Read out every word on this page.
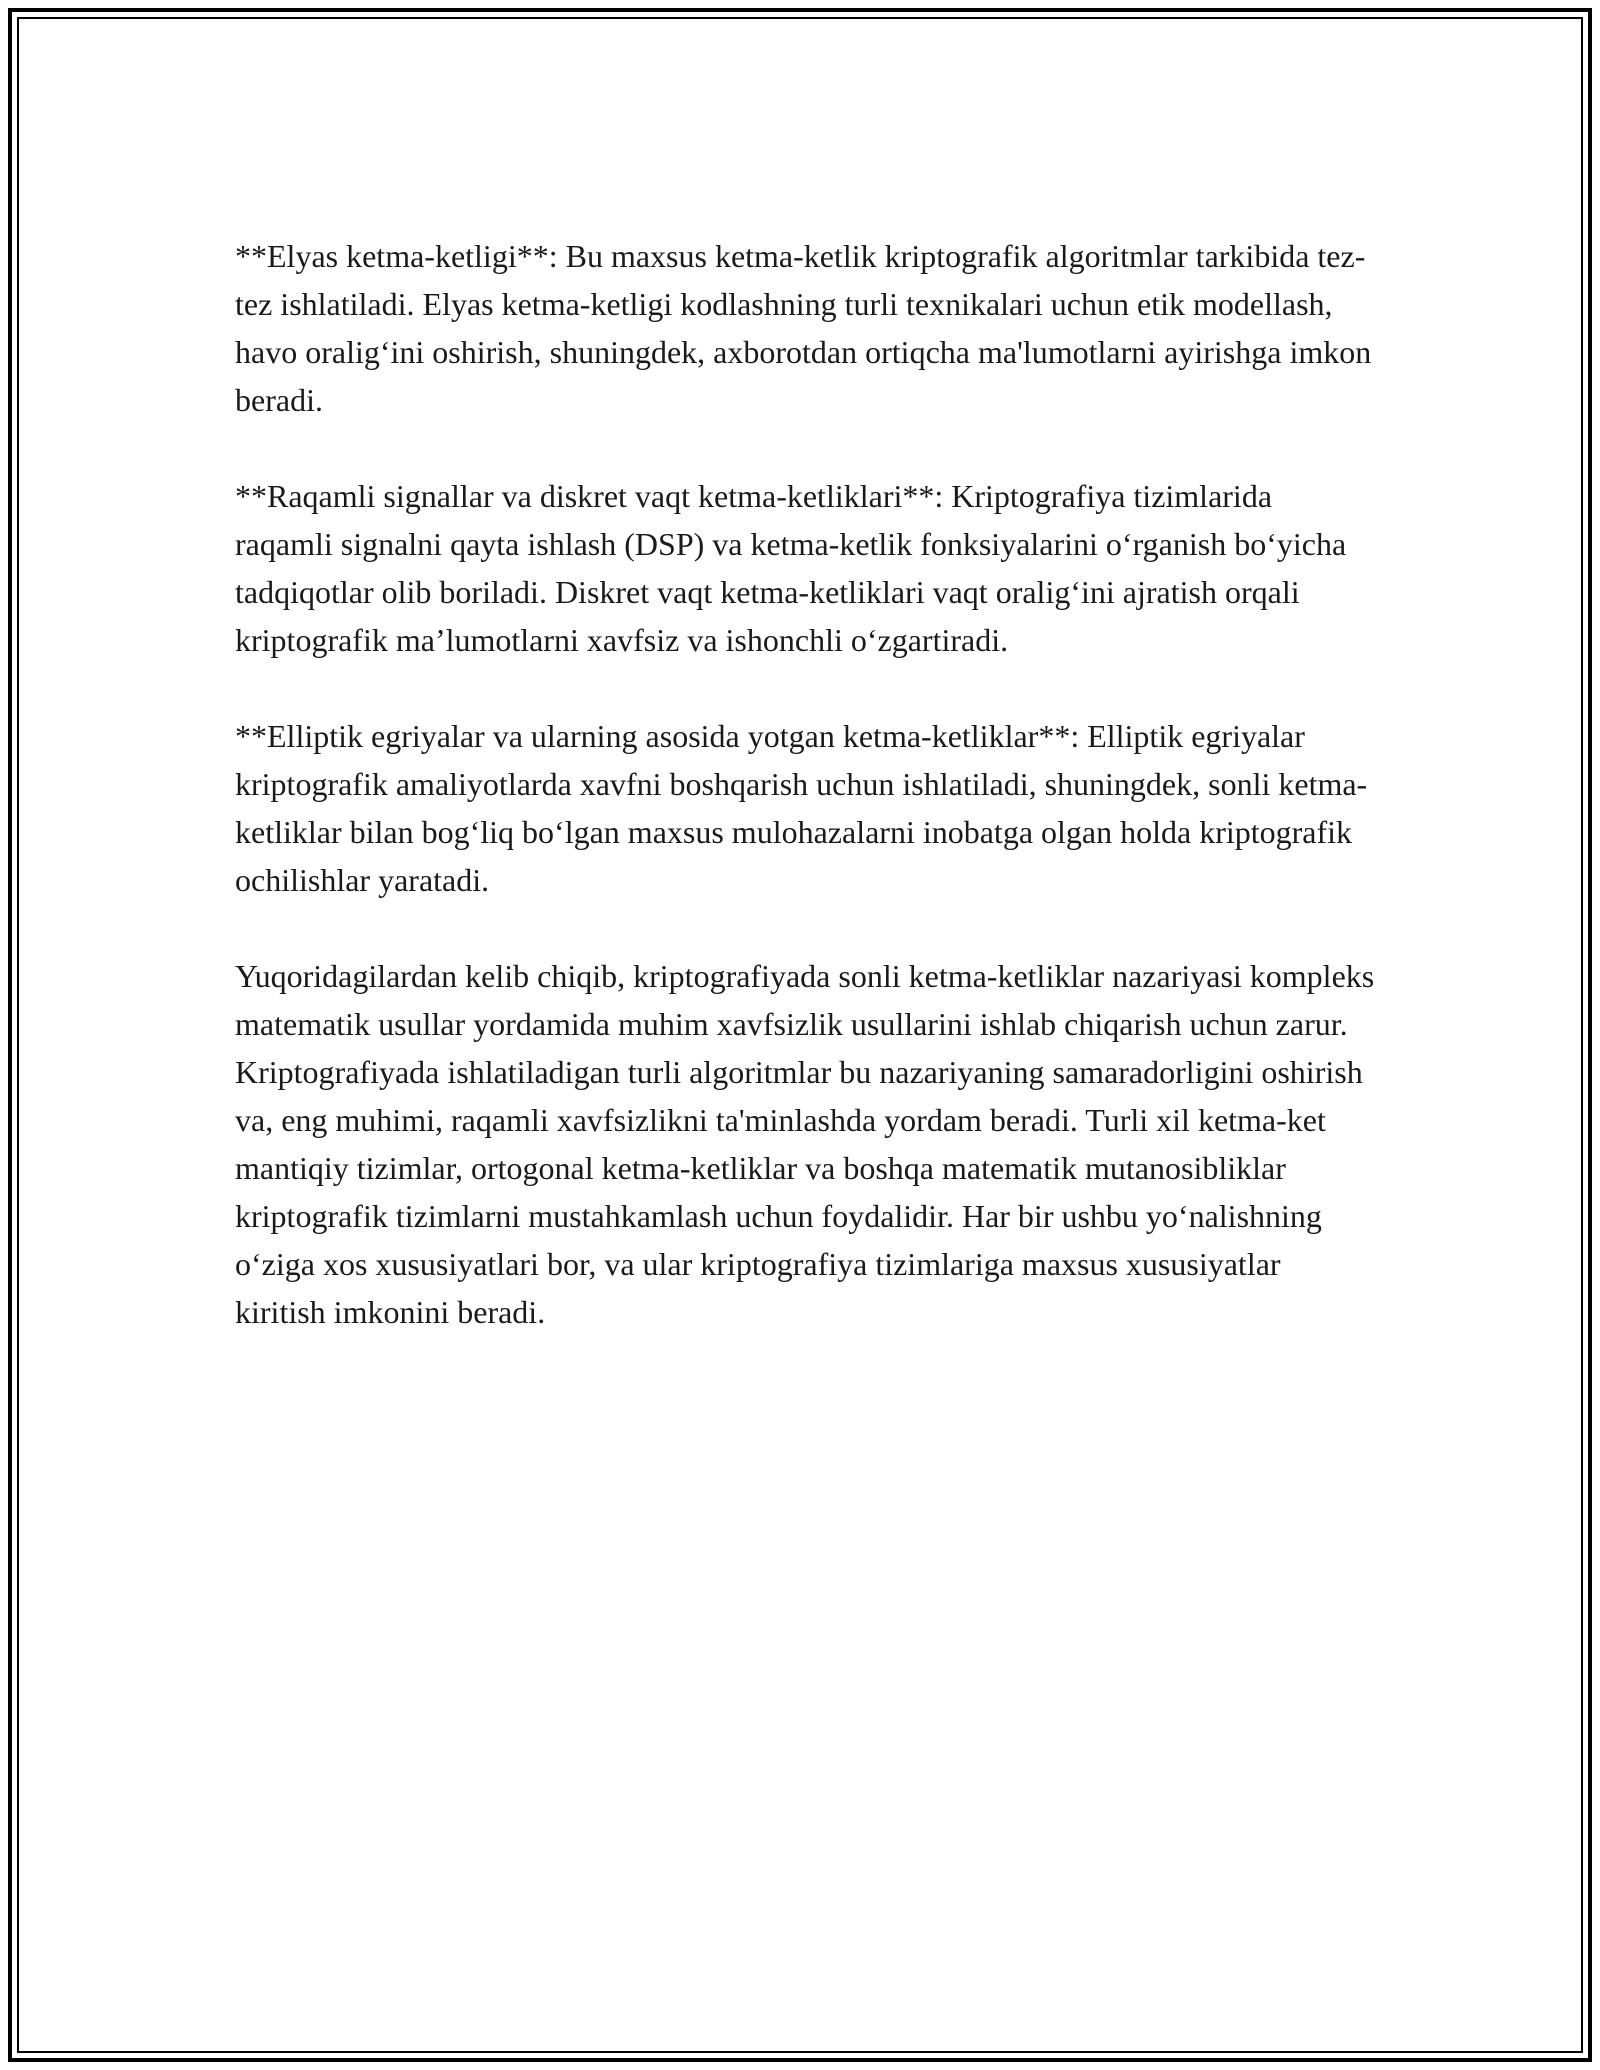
**Elyas ketma-ketligi**: Bu maxsus ketma-ketlik kriptografik algoritmlar tarkibida tez-tez ishlatiladi. Elyas ketma-ketligi kodlashning turli texnikalari uchun etik modellash, havo oralig‘ini oshirish, shuningdek, axborotdan ortiqcha ma'lumotlarni ayirishga imkon beradi.

**Raqamli signallar va diskret vaqt ketma-ketliklari**: Kriptografiya tizimlarida raqamli signalni qayta ishlash (DSP) va ketma-ketlik fonksiyalarini o‘rganish bo‘yicha tadqiqotlar olib boriladi. Diskret vaqt ketma-ketliklari vaqt oralig‘ini ajratish orqali kriptografik ma’lumotlarni xavfsiz va ishonchli o‘zgartiradi.

**Elliptik egriyalar va ularning asosida yotgan ketma-ketliklar**: Elliptik egriyalar kriptografik amaliyotlarda xavfni boshqarish uchun ishlatiladi, shuningdek, sonli ketma-ketliklar bilan bog‘liq bo‘lgan maxsus mulohazalarni inobatga olgan holda kriptografik ochilishlar yaratadi.

Yuqoridagilardan kelib chiqib, kriptografiyada sonli ketma-ketliklar nazariyasi kompleks matematik usullar yordamida muhim xavfsizlik usullarini ishlab chiqarish uchun zarur. Kriptografiyada ishlatiladigan turli algoritmlar bu nazariyaning samaradorligini oshirish va, eng muhimi, raqamli xavfsizlikni ta'minlashda yordam beradi. Turli xil ketma-ket mantiqiy tizimlar, ortogonal ketma-ketliklar va boshqa matematik mutanosibliklar kriptografik tizimlarni mustahkamlash uchun foydalidir. Har bir ushbu yo‘nalishning o‘ziga xos xususiyatlari bor, va ular kriptografiya tizimlariga maxsus xususiyatlar kiritish imkonini beradi.
